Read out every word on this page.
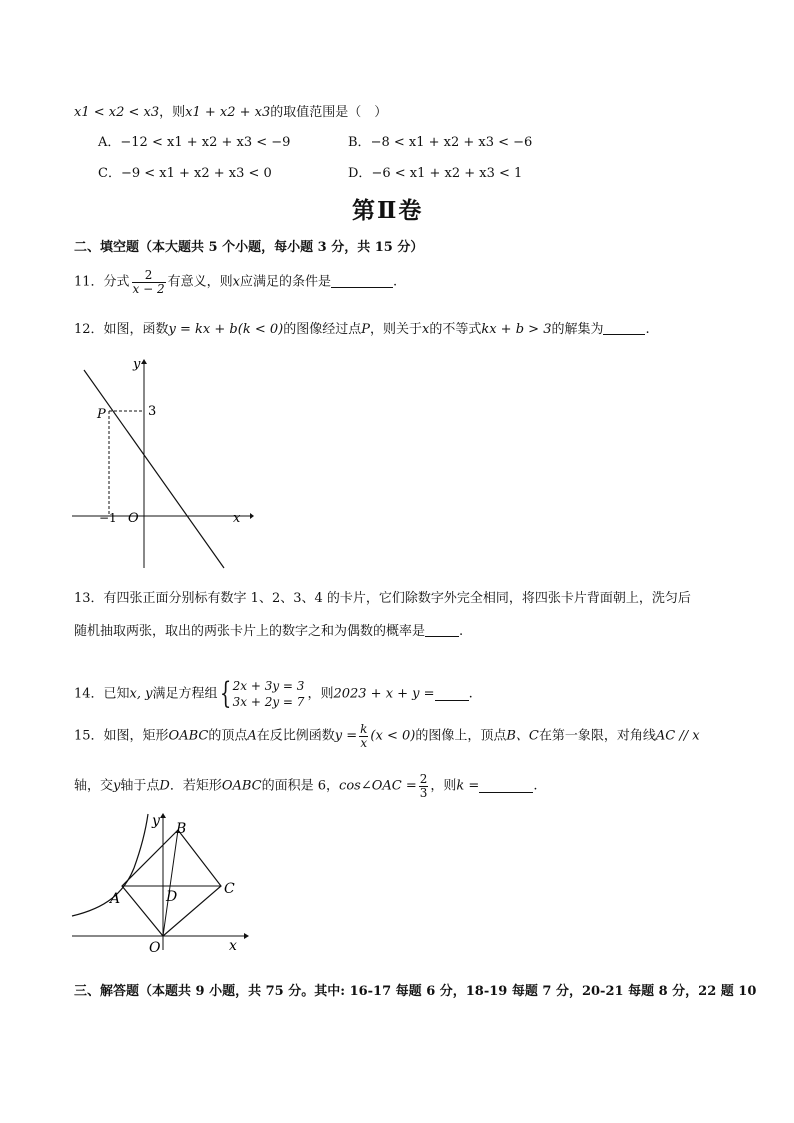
x1 < x2 < x3，则x1 + x2 + x3的取值范围是（　）
A．−12 < x1 + x2 + x3 < −9	B．−8 < x1 + x2 + x3 < −6
C．−9 < x1 + x2 + x3 < 0	D．−6 < x1 + x2 + x3 < 1
第Ⅱ卷
二、填空题（本大题共 5 个小题，每小题 3 分，共 15 分）
11．分式 $\frac{2}{x - 2}$ 有意义，则x应满足的条件是	.
12．如图，函数y = kx + b(k < 0)的图像经过点P，则关于x的不等式kx + b > 3的解集为	.
y
x
O
P	3
−1
13．有四张正面分别标有数字 1、2、3、4 的卡片，它们除数字外完全相同，将四张卡片背面朝上，洗匀后
随机抽取两张，取出的两张卡片上的数字之和为偶数的概率是	.
14．已知x, y满足方程组{ 2x + 3y = 3
3x + 2y = 7
，则2023 + x + y =	.
15．如图，矩形OABC的顶点A在反比例函数$y = \frac{k}{x} (x < 0)$的图像上，顶点B、C在第一象限，对角线AC // x
轴，交y轴于点D．若矩形OABC的面积是 6，cos∠OAC = $\frac{2}{3}$ ，则k =	.
y
x
O
A
B
C
D
三、解答题（本题共 9 小题，共 75 分。其中: 16-17 每题 6 分，18-19 每题 7 分，20-21 每题 8 分，22 题 10
